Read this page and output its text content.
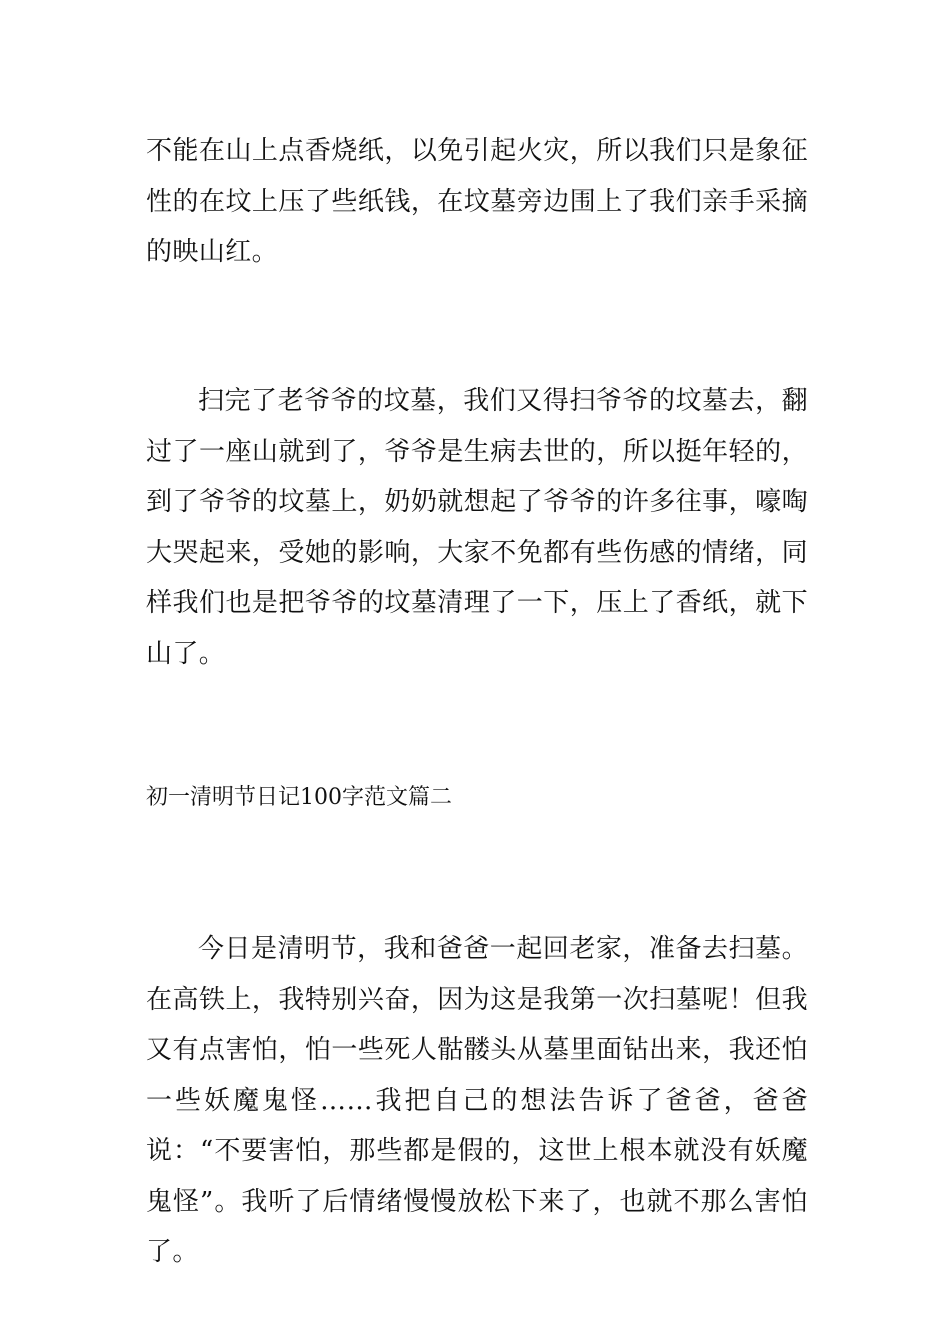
不能在山上点香烧纸，以免引起火灾，所以我们只是象征性的在坟上压了些纸钱，在坟墓旁边围上了我们亲手采摘的映山红。

扫完了老爷爷的坟墓，我们又得扫爷爷的坟墓去，翻过了一座山就到了，爷爷是生病去世的，所以挺年轻的，到了爷爷的坟墓上，奶奶就想起了爷爷的许多往事，嚎啕大哭起来，受她的影响，大家不免都有些伤感的情绪，同样我们也是把爷爷的坟墓清理了一下，压上了香纸，就下山了。

初一清明节日记100字范文篇二

今日是清明节，我和爸爸一起回老家，准备去扫墓。在高铁上，我特别兴奋，因为这是我第一次扫墓呢！但我又有点害怕，怕一些死人骷髅头从墓里面钻出来，我还怕一些妖魔鬼怪……我把自己的想法告诉了爸爸，爸爸说：“不要害怕，那些都是假的，这世上根本就没有妖魔鬼怪”。我听了后情绪慢慢放松下来了，也就不那么害怕了。
